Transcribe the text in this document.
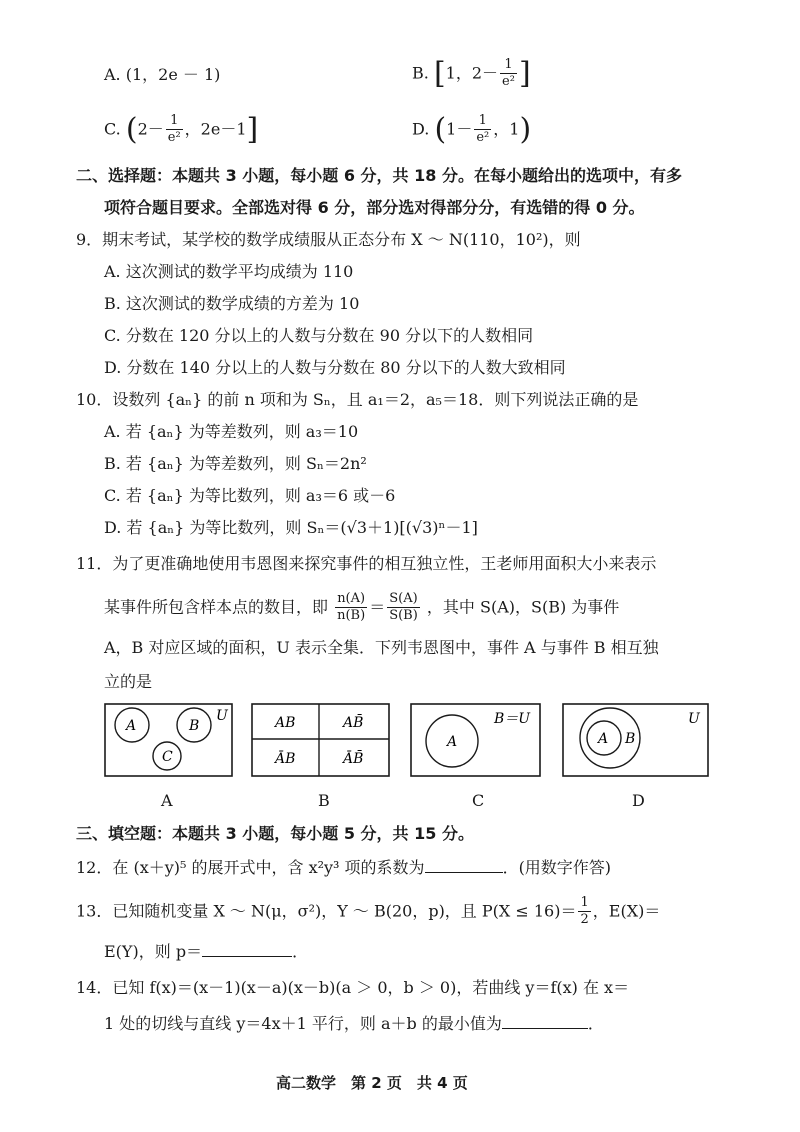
A. (1，2e － 1)	B. [1，$2- \frac{1}{\text{e²}}$ ]
C. ($2- \frac{1}{\text{e²}}$ ，2e－1]	D. ($1- \frac{1}{\text{e²}}$ ，1)
二、选择题：本题共 3 小题，每小题 6 分，共 18 分。在每小题给出的选项中，有多
项符合题目要求。全部选对得 6 分，部分选对得部分分，有选错的得 0 分。
9．期末考试，某学校的数学成绩服从正态分布 X ～ N(110，10²)，则
A. 这次测试的数学平均成绩为 110
B. 这次测试的数学成绩的方差为 10
C. 分数在 120 分以上的人数与分数在 90 分以下的人数相同
D. 分数在 140 分以上的人数与分数在 80 分以下的人数大致相同
10．设数列 {aₙ} 的前 n 项和为 Sₙ，且 a₁＝2，a₅＝18．则下列说法正确的是
A. 若 {aₙ} 为等差数列，则 a₃＝10
B. 若 {aₙ} 为等差数列，则 Sₙ＝2n²
C. 若 {aₙ} 为等比数列，则 a₃＝6 或－6
D. 若 {aₙ} 为等比数列，则 Sₙ＝(√3＋1)[(√3)ⁿ－1]
11．为了更准确地使用韦恩图来探究事件的相互独立性，王老师用面积大小来表示
某事件所包含样本点的数目，即 $\frac{n(A)}{n(B)} = \frac{S(A)}{S(B)}$ ，其中 S(A)，S(B) 为事件
A，B 对应区域的面积，U 表示全集．下列韦恩图中，事件 A 与事件 B 相互独
立的是
A	B
C
U
A
AB	AB̄
ĀB	ĀB̄
B
A
B＝U
C
A B
U
D
三、填空题：本题共 3 小题，每小题 5 分，共 15 分。
12．在 (x＋y)⁵ 的展开式中，含 x²y³ 项的系数为	．(用数字作答)
13．已知随机变量 X ～ N(μ，σ²)，Y ～ B(20，p)，且 $P(X \le 16)= \frac{1}{2}$ ，E(X)＝
E(Y)，则 p＝	．
14．已知 f(x)＝(x－1)(x－a)(x－b)(a ＞ 0，b ＞ 0)，若曲线 y＝f(x) 在 x＝
1 处的切线与直线 y＝4x＋1 平行，则 a＋b 的最小值为	．
高二数学　第 2 页　共 4 页
